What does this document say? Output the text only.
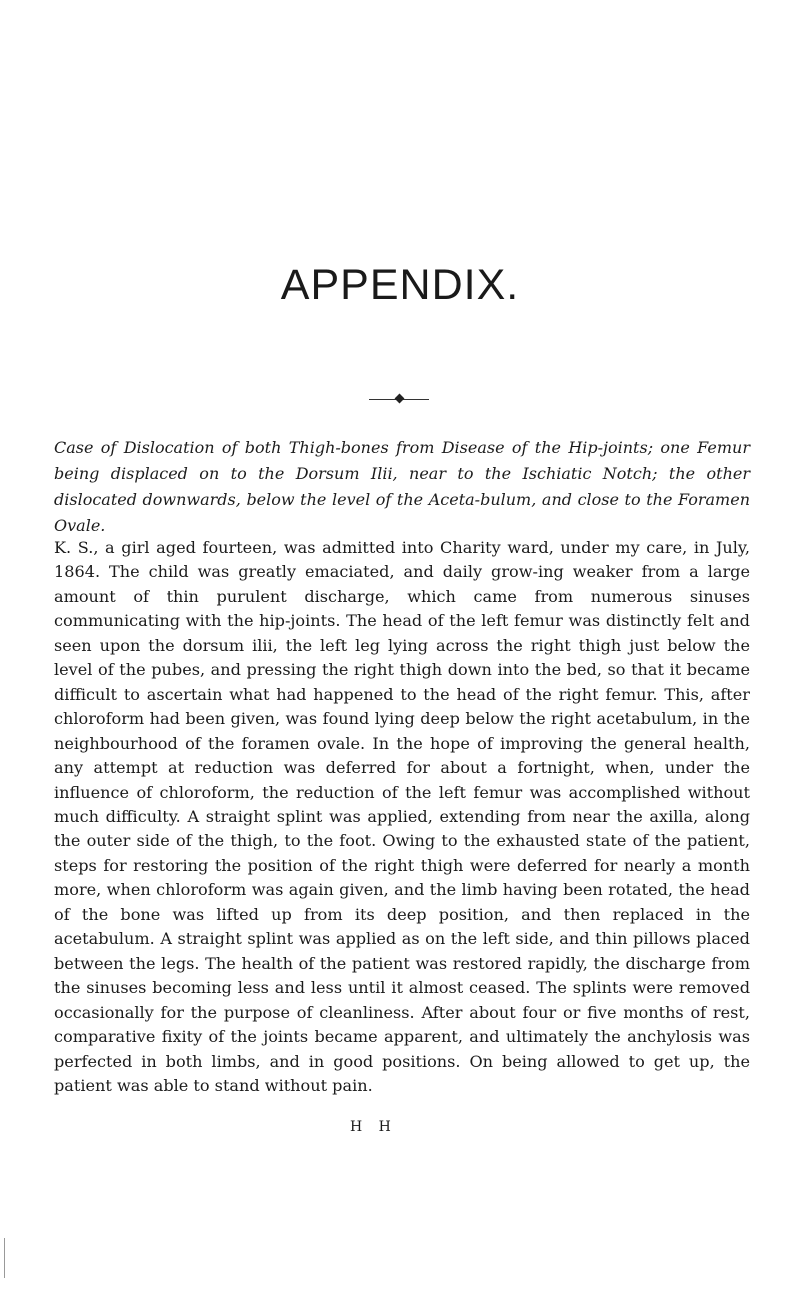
APPENDIX.
Case of Dislocation of both Thigh-bones from Disease of the Hip-joints; one Femur being displaced on to the Dorsum Ilii, near to the Ischiatic Notch; the other dislocated downwards, below the level of the Aceta-bulum, and close to the Foramen Ovale.

K. S., a girl aged fourteen, was admitted into Charity ward, under my care, in July, 1864. The child was greatly emaciated, and daily grow-ing weaker from a large amount of thin purulent discharge, which came from numerous sinuses communicating with the hip-joints. The head of the left femur was distinctly felt and seen upon the dorsum ilii, the left leg lying across the right thigh just below the level of the pubes, and pressing the right thigh down into the bed, so that it became difficult to ascertain what had happened to the head of the right femur. This, after chloroform had been given, was found lying deep below the right acetabulum, in the neighbourhood of the foramen ovale. In the hope of improving the general health, any attempt at reduction was deferred for about a fortnight, when, under the influence of chloroform, the reduction of the left femur was accomplished without much difficulty. A straight splint was applied, extending from near the axilla, along the outer side of the thigh, to the foot. Owing to the exhausted state of the patient, steps for restoring the position of the right thigh were deferred for nearly a month more, when chloroform was again given, and the limb having been rotated, the head of the bone was lifted up from its deep position, and then replaced in the acetabulum. A straight splint was applied as on the left side, and thin pillows placed between the legs. The health of the patient was restored rapidly, the discharge from the sinuses becoming less and less until it almost ceased. The splints were removed occasionally for the purpose of cleanliness. After about four or five months of rest, comparative fixity of the joints became apparent, and ultimately the anchylosis was perfected in both limbs, and in good positions. On being allowed to get up, the patient was able to stand without pain.

H H
